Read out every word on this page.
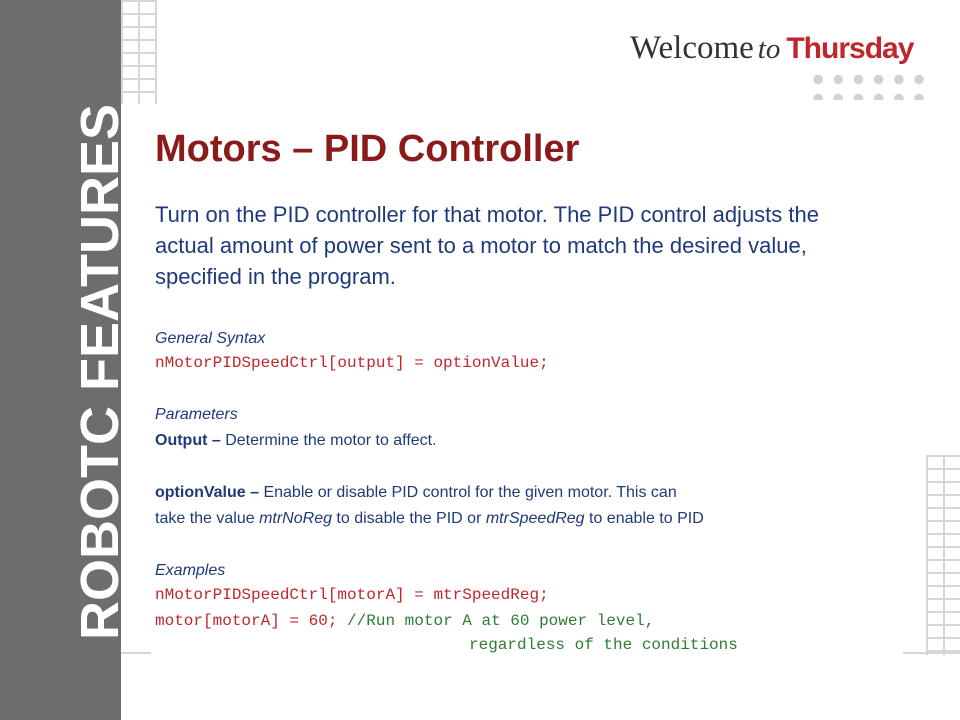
ROBOTC FEATURES
Welcome to Thursday
Motors – PID Controller
Turn on the PID controller for that motor. The PID control adjusts the actual amount of power sent to a motor to match the desired value, specified in the program.
General Syntax
nMotorPIDSpeedCtrl[output] = optionValue;
Parameters
Output – Determine the motor to affect.
optionValue – Enable or disable PID control for the given motor. This can
take the value mtrNoReg to disable the PID or mtrSpeedReg to enable to PID
Examples
nMotorPIDSpeedCtrl[motorA] = mtrSpeedReg;
motor[motorA] = 60; //Run motor A at 60 power level,
regardless of the conditions
